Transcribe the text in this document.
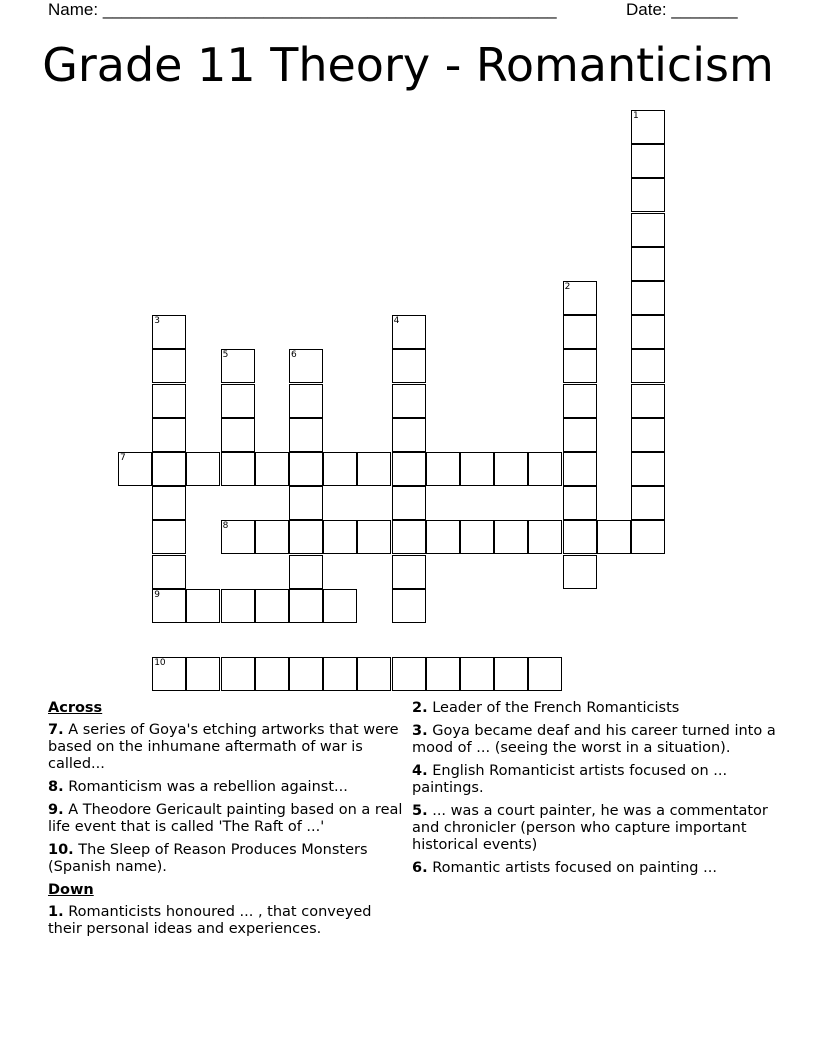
Name: ________________________________________________	Date: _______
Grade 11 Theory - Romanticism
1
2
3	4
5	6
7
8
9
10
Across
7. A series of Goya's etching artworks that were based on the inhumane aftermath of war is called...
8. Romanticism was a rebellion against...
9. A Theodore Gericault painting based on a real life event that is called 'The Raft of ...'
10. The Sleep of Reason Produces Monsters (Spanish name).
Down
1. Romanticists honoured ... , that conveyed their personal ideas and experiences.
2. Leader of the French Romanticists
3. Goya became deaf and his career turned into a mood of ... (seeing the worst in a situation).
4. English Romanticist artists focused on ... paintings.
5. ... was a court painter, he was a commentator and chronicler (person who capture important historical events)
6. Romantic artists focused on painting ...
